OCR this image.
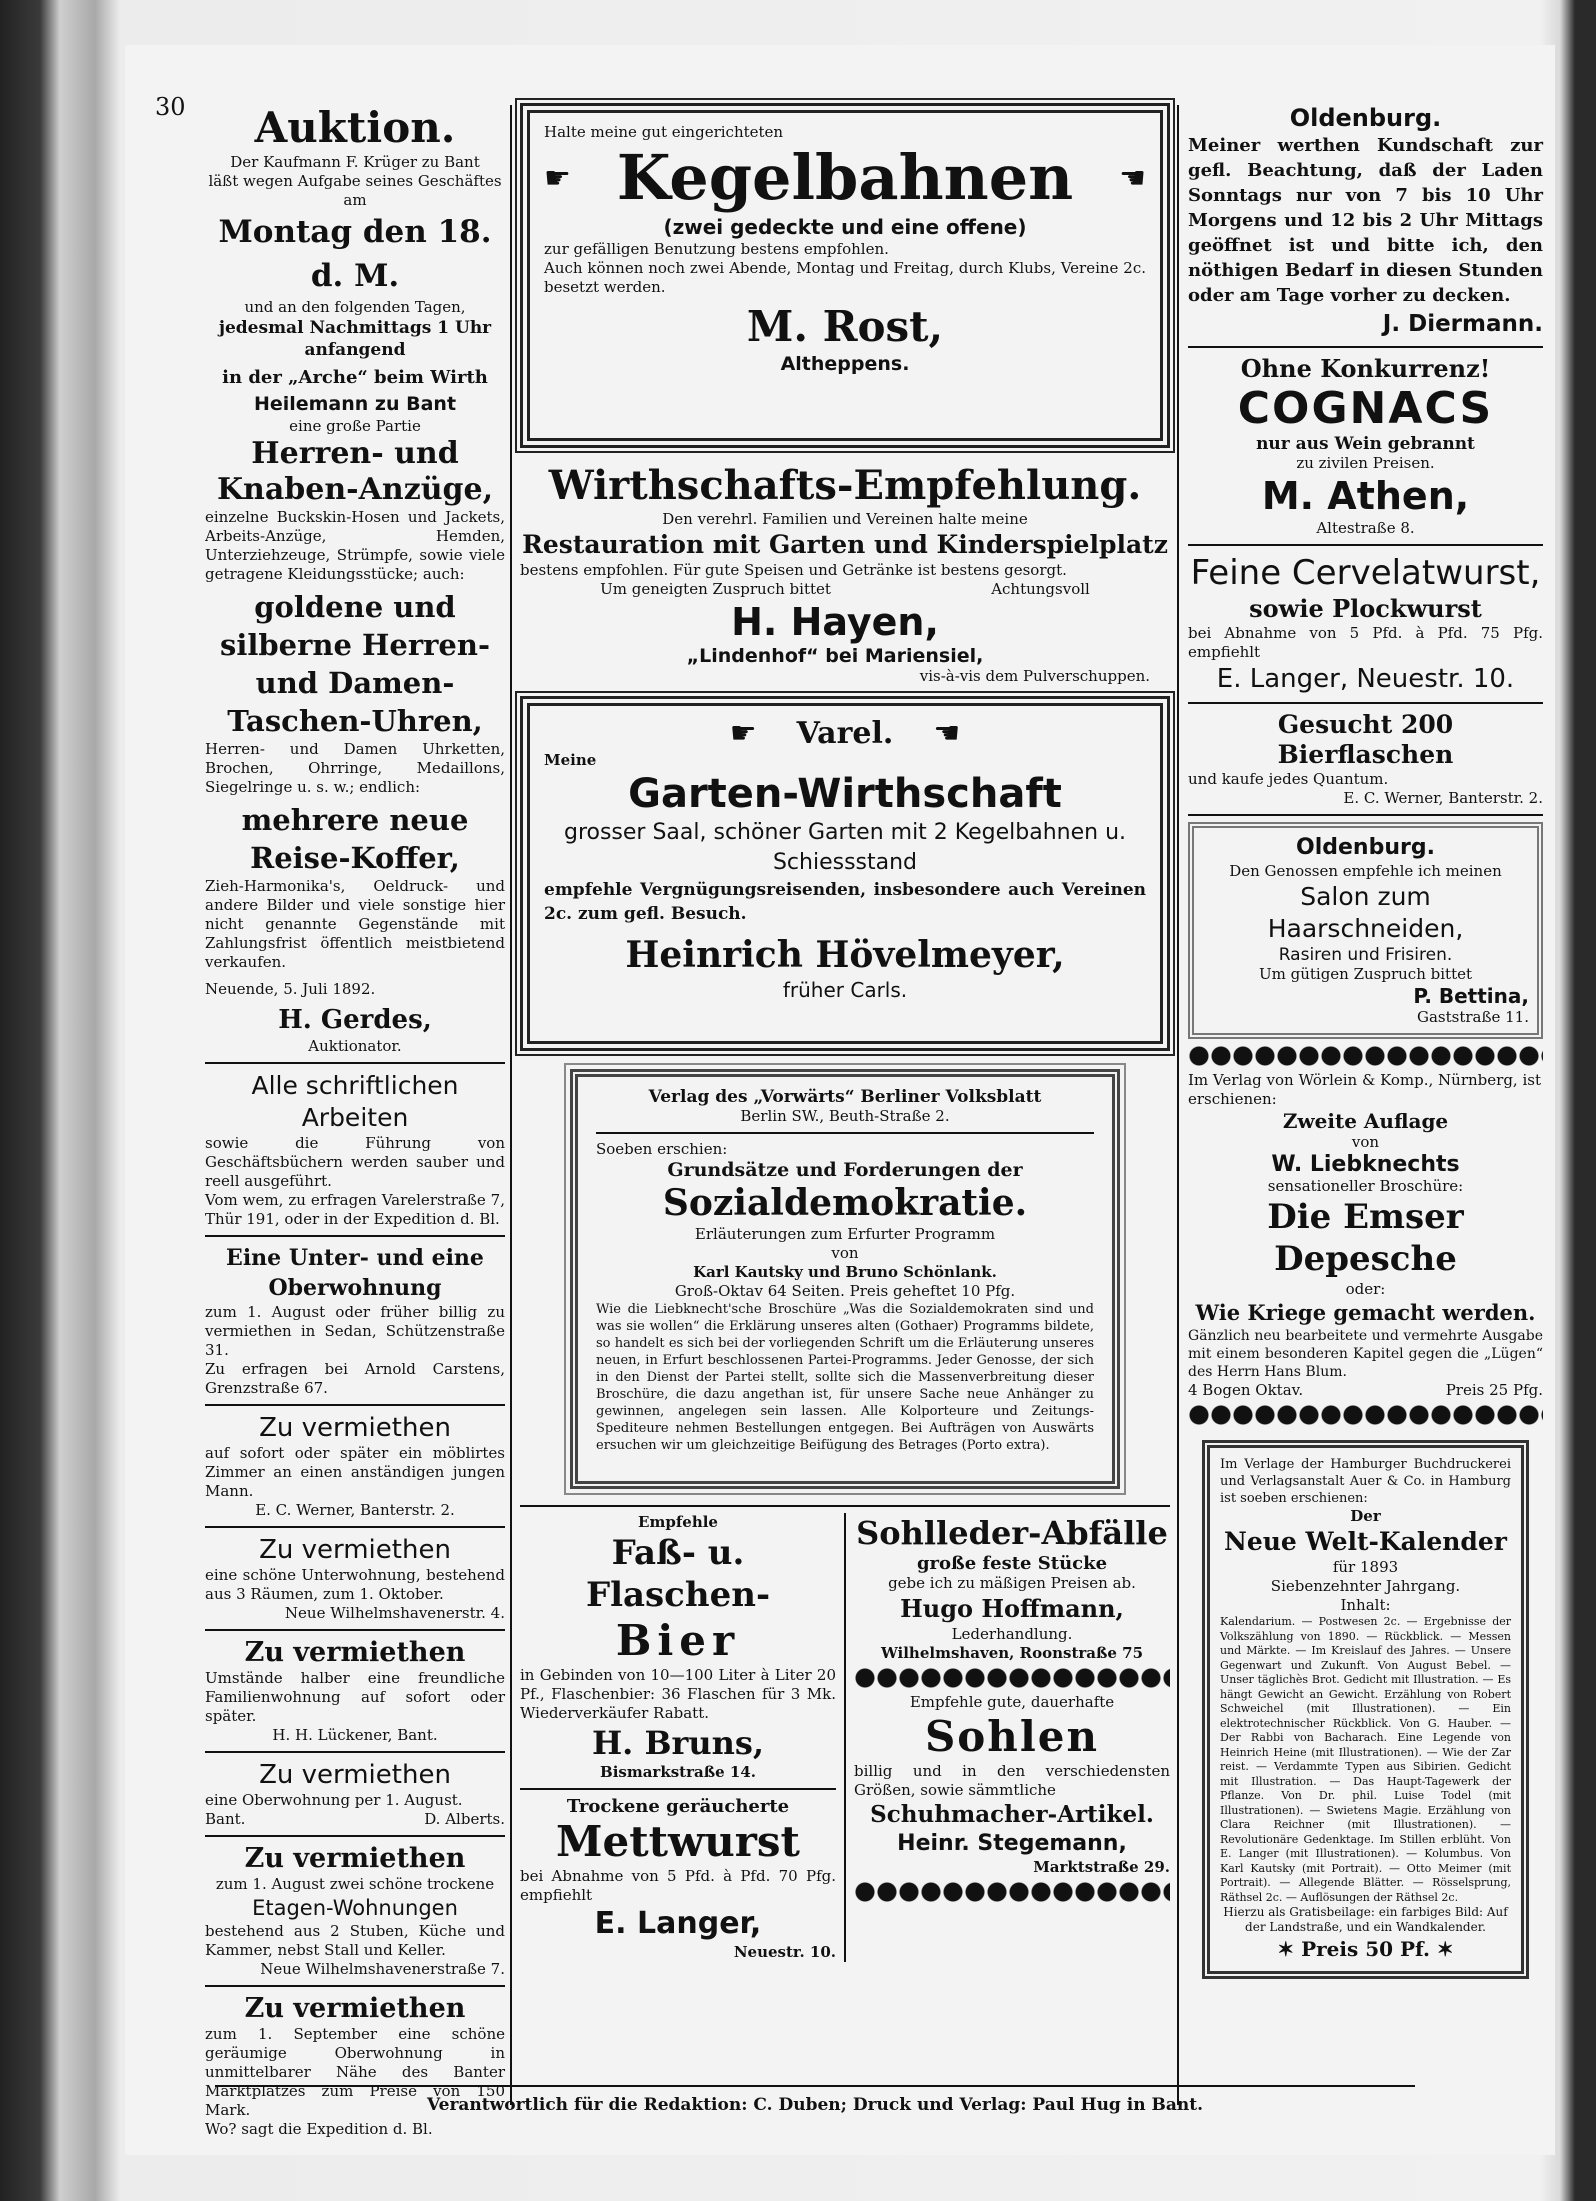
30	Auktion.
Der Kaufmann F. Krüger zu Bant
läßt wegen Aufgabe seines Geschäftes am
Montag den 18. d. M.
und an den folgenden Tagen,
jedesmal Nachmittags 1 Uhr anfangend
in der „Arche“ beim Wirth
Heilemann zu Bant
eine große Partie
Herren- und Knaben-Anzüge,
einzelne Buckskin-Hosen und Jackets, Arbeits-Anzüge, Hemden, Unterziehzeuge, Strümpfe, sowie viele getragene Kleidungsstücke; auch:
goldene und silberne Herren- und Damen-Taschen-Uhren,
Herren- und Damen Uhrketten, Brochen, Ohrringe, Medaillons, Siegelringe u. s. w.; endlich:
mehrere neue Reise-Koffer,
Zieh-Harmonika's, Oeldruck- und andere Bilder und viele sonstige hier nicht genannte Gegenstände mit Zahlungsfrist öffentlich meistbietend verkaufen.
Neuende, 5. Juli 1892.
H. Gerdes,
Auktionator.
Alle schriftlichen Arbeiten
sowie die Führung von Geschäftsbüchern werden sauber und reell ausgeführt.
Vom wem, zu erfragen Varelerstraße 7, Thür 191, oder in der Expedition d. Bl.
Eine Unter- und eine Oberwohnung
zum 1. August oder früher billig zu vermiethen in Sedan, Schützenstraße 31.
Zu erfragen bei Arnold Carstens, Grenzstraße 67.
Zu vermiethen
auf sofort oder später ein möblirtes Zimmer an einen anständigen jungen Mann.
E. C. Werner, Banterstr. 2.
Zu vermiethen
eine schöne Unterwohnung, bestehend aus 3 Räumen, zum 1. Oktober.
Neue Wilhelmshavenerstr. 4.
Zu vermiethen
Umstände halber eine freundliche Familienwohnung auf sofort oder später.
H. H. Lückener, Bant.
Zu vermiethen
eine Oberwohnung per 1. August.
Bant.	D. Alberts.
Zu vermiethen
zum 1. August zwei schöne trockene
Etagen-Wohnungen
bestehend aus 2 Stuben, Küche und Kammer, nebst Stall und Keller.
Neue Wilhelmshavenerstraße 7.
Zu vermiethen
zum 1. September eine schöne geräumige Oberwohnung in unmittelbarer Nähe des Banter Marktplatzes zum Preise von 150 Mark.
Wo? sagt die Expedition d. Bl.
Halte meine gut eingerichteten
☛ Kegelbahnen ☚
(zwei gedeckte und eine offene)
zur gefälligen Benutzung bestens empfohlen.
Auch können noch zwei Abende, Montag und Freitag, durch Klubs, Vereine 2c. besetzt werden.
M. Rost,
Altheppens.
Wirthschafts-Empfehlung.
Den verehrl. Familien und Vereinen halte meine
Restauration mit Garten und Kinderspielplatz
bestens empfohlen. Für gute Speisen und Getränke ist bestens gesorgt.
Um geneigten Zuspruch bittet	Achtungsvoll
H. Hayen,
„Lindenhof“ bei Mariensiel,
vis-à-vis dem Pulverschuppen.
☛ Varel. ☚
Meine
Garten-Wirthschaft
grosser Saal, schöner Garten mit 2 Kegelbahnen u. Schiessstand
empfehle Vergnügungsreisenden, insbesondere auch Vereinen 2c. zum gefl. Besuch.
Heinrich Hövelmeyer,
früher Carls.
Verlag des „Vorwärts“ Berliner Volksblatt
Berlin SW., Beuth-Straße 2.
Soeben erschien:
Grundsätze und Forderungen der
Sozialdemokratie.
Erläuterungen zum Erfurter Programm
von
Karl Kautsky und Bruno Schönlank.
Groß-Oktav 64 Seiten. Preis geheftet 10 Pfg.
Wie die Liebknecht'sche Broschüre „Was die Sozialdemokraten sind und was sie wollen“ die Erklärung unseres alten (Gothaer) Programms bildete, so handelt es sich bei der vorliegenden Schrift um die Erläuterung unseres neuen, in Erfurt beschlossenen Partei-Programms. Jeder Genosse, der sich in den Dienst der Partei stellt, sollte sich die Massenverbreitung dieser Broschüre, die dazu angethan ist, für unsere Sache neue Anhänger zu gewinnen, angelegen sein lassen. Alle Kolporteure und Zeitungs-Spediteure nehmen Bestellungen entgegen. Bei Aufträgen von Auswärts ersuchen wir um gleichzeitige Beifügung des Betrages (Porto extra).
Empfehle
Faß- u. Flaschen-
Bier
in Gebinden von 10—100 Liter à Liter 20 Pf., Flaschenbier: 36 Flaschen für 3 Mk. Wiederverkäufer Rabatt.
H. Bruns,
Bismarkstraße 14.
Trockene geräucherte
Mettwurst
bei Abnahme von 5 Pfd. à Pfd. 70 Pfg. empfiehlt
E. Langer,
Neuestr. 10.
Sohlleder-Abfälle
große feste Stücke
gebe ich zu mäßigen Preisen ab.
Hugo Hoffmann,
Lederhandlung.
Wilhelmshaven, Roonstraße 75
Empfehle gute, dauerhafte
Sohlen
billig und in den verschiedensten Größen, sowie sämmtliche
Schuhmacher-Artikel.
Heinr. Stegemann,
Marktstraße 29.
Oldenburg.
Meiner werthen Kundschaft zur gefl. Beachtung, daß der Laden Sonntags nur von 7 bis 10 Uhr Morgens und 12 bis 2 Uhr Mittags geöffnet ist und bitte ich, den nöthigen Bedarf in diesen Stunden oder am Tage vorher zu decken.
J. Diermann.
Ohne Konkurrenz!
COGNACS
nur aus Wein gebrannt
zu zivilen Preisen.
M. Athen,
Altestraße 8.
Feine Cervelatwurst,
sowie Plockwurst
bei Abnahme von 5 Pfd. à Pfd. 75 Pfg. empfiehlt
E. Langer, Neuestr. 10.
Gesucht 200 Bierflaschen
und kaufe jedes Quantum.
E. C. Werner, Banterstr. 2.
Oldenburg.
Den Genossen empfehle ich meinen
Salon zum Haarschneiden,
Rasiren und Frisiren.
Um gütigen Zuspruch bittet
P. Bettina,
Gaststraße 11.
Im Verlag von Wörlein & Komp., Nürnberg, ist erschienen:
Zweite Auflage
von
W. Liebknechts
sensationeller Broschüre:
Die Emser Depesche
oder:
Wie Kriege gemacht werden.
Gänzlich neu bearbeitete und vermehrte Ausgabe mit einem besonderen Kapitel gegen die „Lügen“ des Herrn Hans Blum.
4 Bogen Oktav.	Preis 25 Pfg.
Im Verlage der Hamburger Buchdruckerei und Verlagsanstalt Auer & Co. in Hamburg ist soeben erschienen:
Der
Neue Welt-Kalender
für 1893
Siebenzehnter Jahrgang.
Inhalt:
Kalendarium. — Postwesen 2c. — Ergebnisse der Volkszählung von 1890. — Rückblick. — Messen und Märkte. — Im Kreislauf des Jahres. — Unsere Gegenwart und Zukunft. Von August Bebel. — Unser täglichès Brot. Gedicht mit Illustration. — Es hängt Gewicht an Gewicht. Erzählung von Robert Schweichel (mit Illustrationen). — Ein elektrotechnischer Rückblick. Von G. Hauber. — Der Rabbi von Bacharach. Eine Legende von Heinrich Heine (mit Illustrationen). — Wie der Zar reist. — Verdammte Typen aus Sibirien. Gedicht mit Illustration. — Das Haupt-Tagewerk der Pflanze. Von Dr. phil. Luise Todel (mit Illustrationen). — Swietens Magie. Erzählung von Clara Reichner (mit Illustrationen). — Revolutionäre Gedenktage. Im Stillen erblüht. Von E. Langer (mit Illustrationen). — Kolumbus. Von Karl Kautsky (mit Portrait). — Otto Meimer (mit Portrait). — Allegende Blätter. — Rösselsprung, Räthsel 2c. — Auflösungen der Räthsel 2c.
Hierzu als Gratisbeilage: ein farbiges Bild: Auf der Landstraße, und ein Wandkalender.
✶ Preis 50 Pf. ✶
Verantwortlich für die Redaktion: C. Duben; Druck und Verlag: Paul Hug in Bant.
